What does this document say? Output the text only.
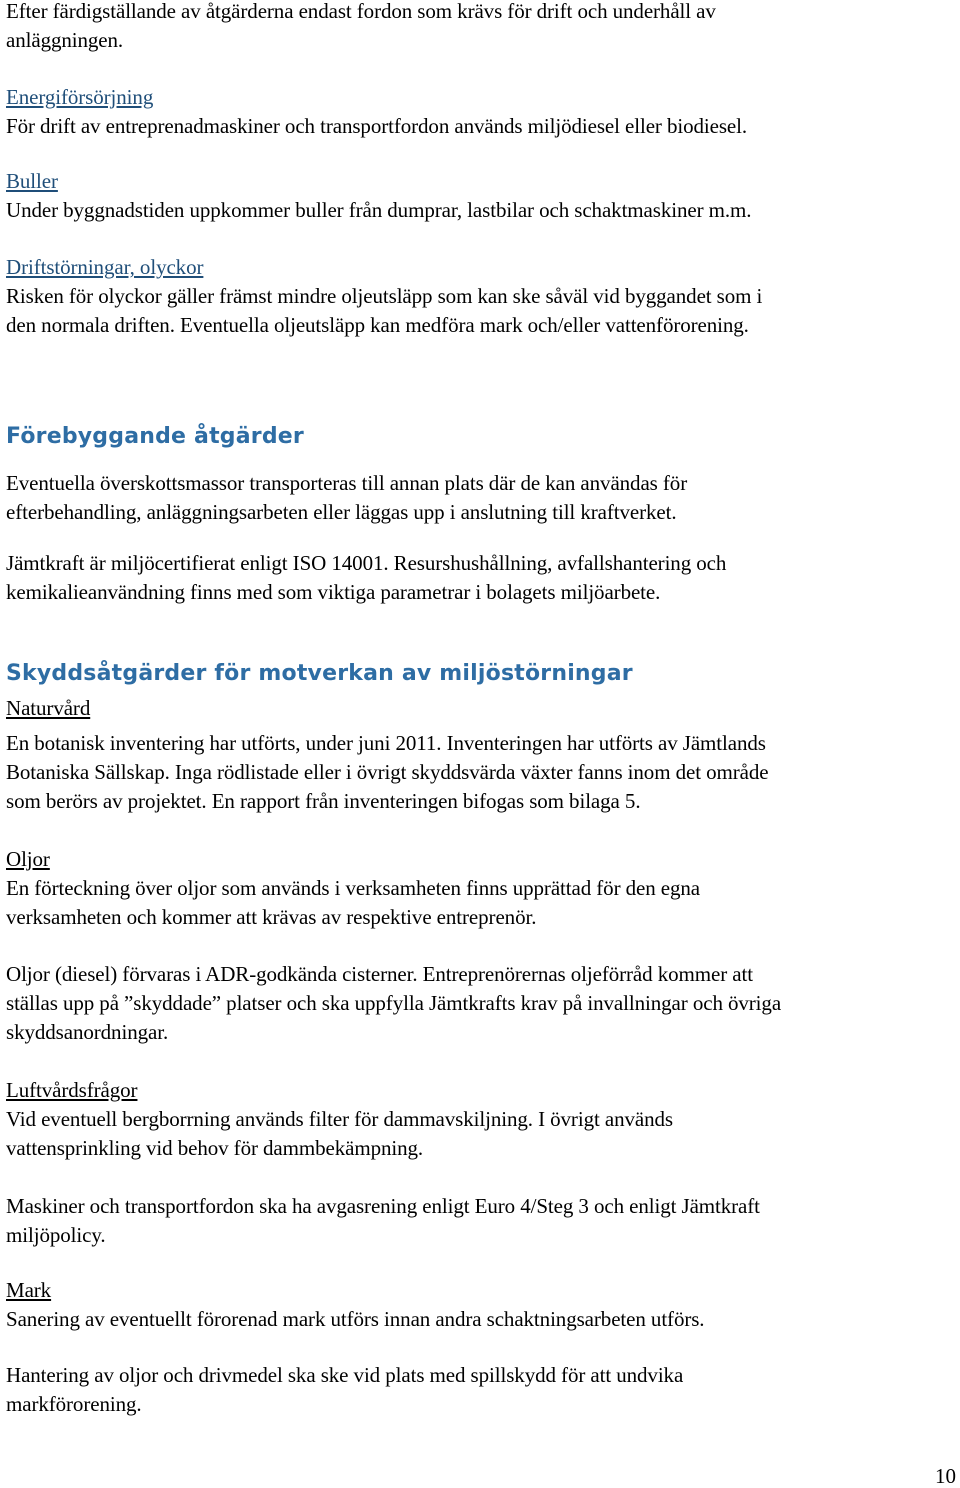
Efter färdigställande av åtgärderna endast fordon som krävs för drift och underhåll av
anläggningen.
Energiförsörjning
För drift av entreprenadmaskiner och transportfordon används miljödiesel eller biodiesel.
Buller
Under byggnadstiden uppkommer buller från dumprar, lastbilar och schaktmaskiner m.m.
Driftstörningar, olyckor
Risken för olyckor gäller främst mindre oljeutsläpp som kan ske såväl vid byggandet som i
den normala driften. Eventuella oljeutsläpp kan medföra mark och/eller vattenförorening.
Förebyggande åtgärder
Eventuella överskottsmassor transporteras till annan plats där de kan användas för
efterbehandling, anläggningsarbeten eller läggas upp i anslutning till kraftverket.
Jämtkraft är miljöcertifierat enligt ISO 14001. Resurshushållning, avfallshantering och
kemikalieanvändning finns med som viktiga parametrar i bolagets miljöarbete.
Skyddsåtgärder för motverkan av miljöstörningar
Naturvård
En botanisk inventering har utförts, under juni 2011. Inventeringen har utförts av Jämtlands
Botaniska Sällskap. Inga rödlistade eller i övrigt skyddsvärda växter fanns inom det område
som berörs av projektet. En rapport från inventeringen bifogas som bilaga 5.
Oljor
En förteckning över oljor som används i verksamheten finns upprättad för den egna
verksamheten och kommer att krävas av respektive entreprenör.
Oljor (diesel) förvaras i ADR-godkända cisterner. Entreprenörernas oljeförråd kommer att
ställas upp på ”skyddade” platser och ska uppfylla Jämtkrafts krav på invallningar och övriga
skyddsanordningar.
Luftvårdsfrågor
Vid eventuell bergborrning används filter för dammavskiljning. I övrigt används
vattensprinkling vid behov för dammbekämpning.
Maskiner och transportfordon ska ha avgasrening enligt Euro 4/Steg 3 och enligt Jämtkraft
miljöpolicy.
Mark
Sanering av eventuellt förorenad mark utförs innan andra schaktningsarbeten utförs.
Hantering av oljor och drivmedel ska ske vid plats med spillskydd för att undvika
markförorening.

10
